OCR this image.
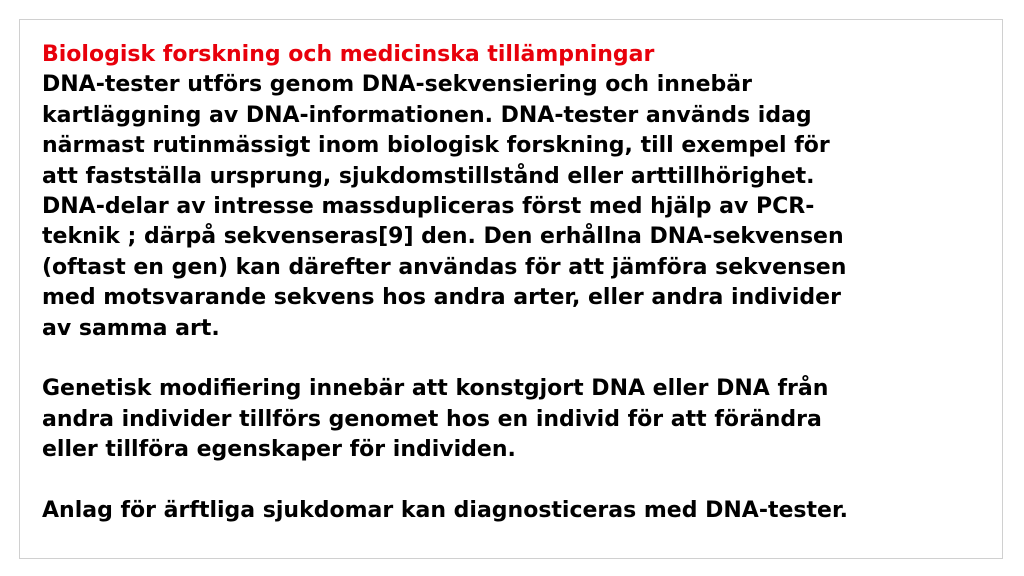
Biologisk forskning och medicinska tillämpningar
DNA-tester utförs genom DNA-sekvensiering och innebär
kartläggning av DNA-informationen. DNA-tester används idag
närmast rutinmässigt inom biologisk forskning, till exempel för
att fastställa ursprung, sjukdomstillstånd eller arttillhörighet.
DNA-delar av intresse massdupliceras först med hjälp av PCR-
teknik ; därpå sekvenseras[9] den. Den erhållna DNA-sekvensen
(oftast en gen) kan därefter användas för att jämföra sekvensen
med motsvarande sekvens hos andra arter, eller andra individer
av samma art.
Genetisk modifiering innebär att konstgjort DNA eller DNA från
andra individer tillförs genomet hos en individ för att förändra
eller tillföra egenskaper för individen.
Anlag för ärftliga sjukdomar kan diagnosticeras med DNA-tester.
